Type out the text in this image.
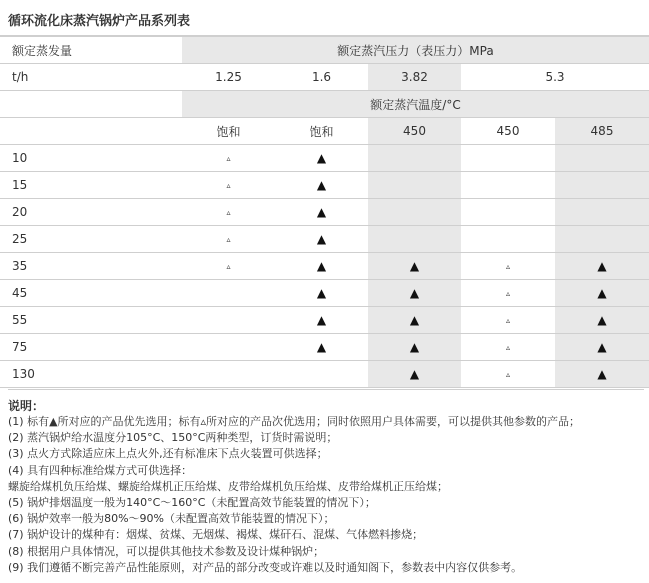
循环流化床蒸汽锅炉产品系列表
额定蒸发量	额定蒸汽压力（表压力）MPa				
t/h	1.25	1.6	3.82	5.3	
	额定蒸汽温度/°C				
	饱和	饱和	450	450	485
10	▵	▲			
15	▵	▲			
20	▵	▲			
25	▵	▲			
35	▵	▲	▲	▵	▲
45		▲	▲	▵	▲
55		▲	▲	▵	▲
75		▲	▲	▵	▲
130			▲	▵	▲
说明：
(1) 标有▲所对应的产品优先选用；标有▵所对应的产品次优选用；同时依照用户具体需要，可以提供其他参数的产品；
(2) 蒸汽锅炉给水温度分105°C、150°C两种类型，订货时需说明；
(3) 点火方式除适应床上点火外,还有标准床下点火装置可供选择；
(4) 具有四种标准给煤方式可供选择：
螺旋给煤机负压给煤、螺旋给煤机正压给煤、皮带给煤机负压给煤、皮带给煤机正压给煤；
(5) 锅炉排烟温度一般为140°C～160°C（未配置高效节能装置的情况下）；
(6) 锅炉效率一般为80%～90%（未配置高效节能装置的情况下）；
(7) 锅炉设计的煤种有：烟煤、贫煤、无烟煤、褐煤、煤矸石、混煤、气体燃料掺烧；
(8) 根据用户具体情况，可以提供其他技术参数及设计煤种锅炉；
(9) 我们遵循不断完善产品性能原则，对产品的部分改变或许难以及时通知阁下，参数表中内容仅供参考。
